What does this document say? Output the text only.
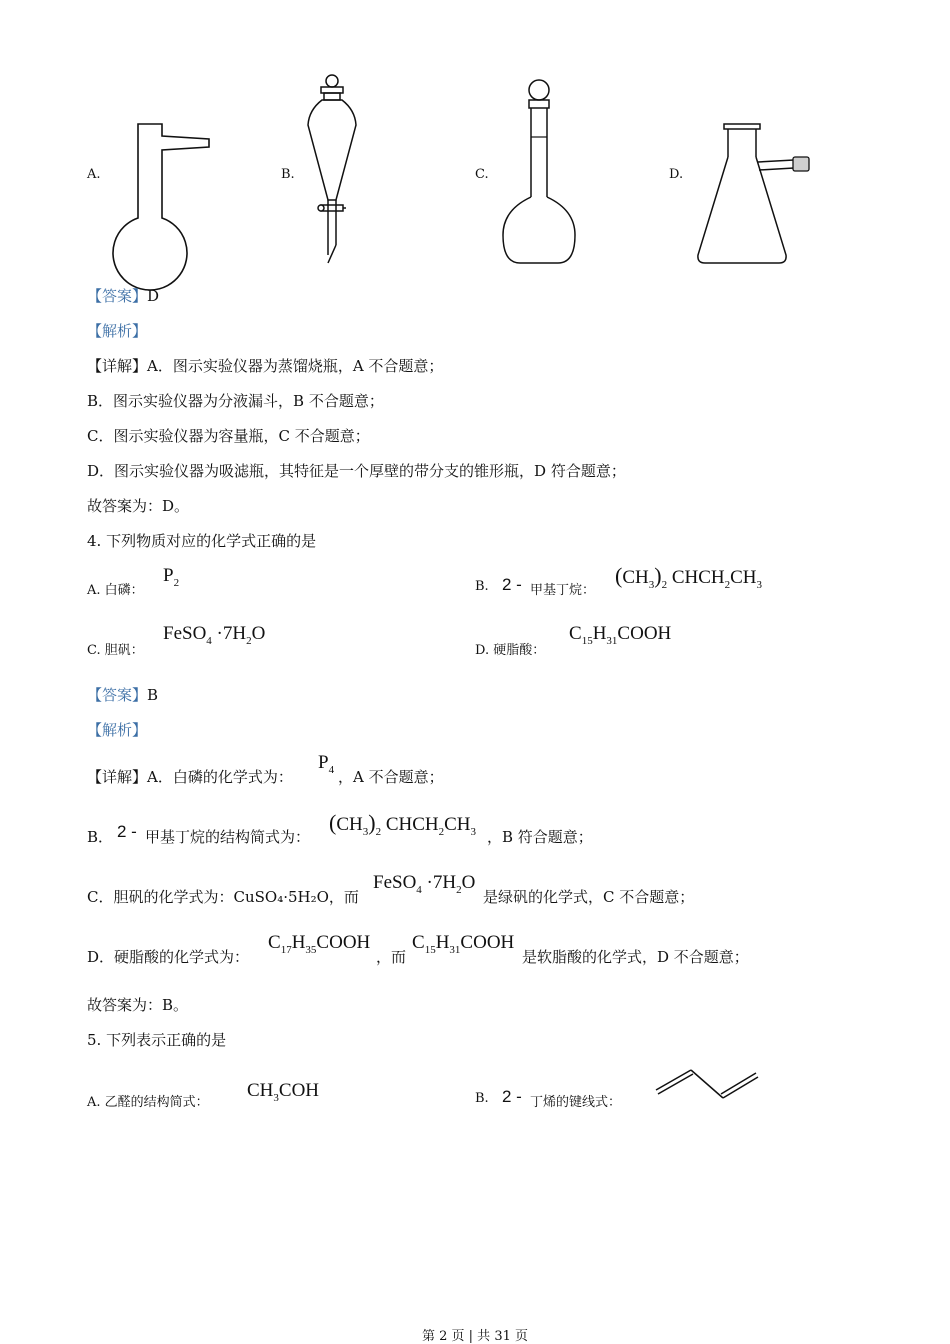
A.	B.	C.	D.
【答案】D
【解析】
【详解】A．图示实验仪器为蒸馏烧瓶，A 不合题意；
B．图示实验仪器为分液漏斗，B 不合题意；
C．图示实验仪器为容量瓶，C 不合题意；
D．图示实验仪器为吸滤瓶，其特征是一个厚壁的带分支的锥形瓶，D 符合题意；
故答案为：D。
4. 下列物质对应的化学式正确的是
A. 白磷：
$P_2$	B. 2 - 甲基丁烷：
$(CH_3)_2$ $CHCH_2CH_3$
C. 胆矾：
FeSO$_4$ $\cdot 7H_2O$
D. 硬脂酸：
$C_{15}H_{31}COOH$
【答案】B
【解析】
【详解】A．白磷的化学式为：
$P_4$ ，A 不合题意；
B． 2 - 甲基丁烷的结构简式为：
$(CH_3)_2$ $CHCH_2CH_3$ ，B 符合题意；
C．胆矾的化学式为：CuSO₄·5H₂O，而
FeSO$_4$ $\cdot 7H_2O$
是绿矾的化学式，C 不合题意；
D．硬脂酸的化学式为：
$C_{17}H_{35}COOH$
，而
$C_{15}H_{31}COOH$
是软脂酸的化学式，D 不合题意；
故答案为：B。
5. 下列表示正确的是
A. 乙醛的结构简式：
$CH_3COH$	B. 2 - 丁烯的键线式：
第 2 页 | 共 31 页
